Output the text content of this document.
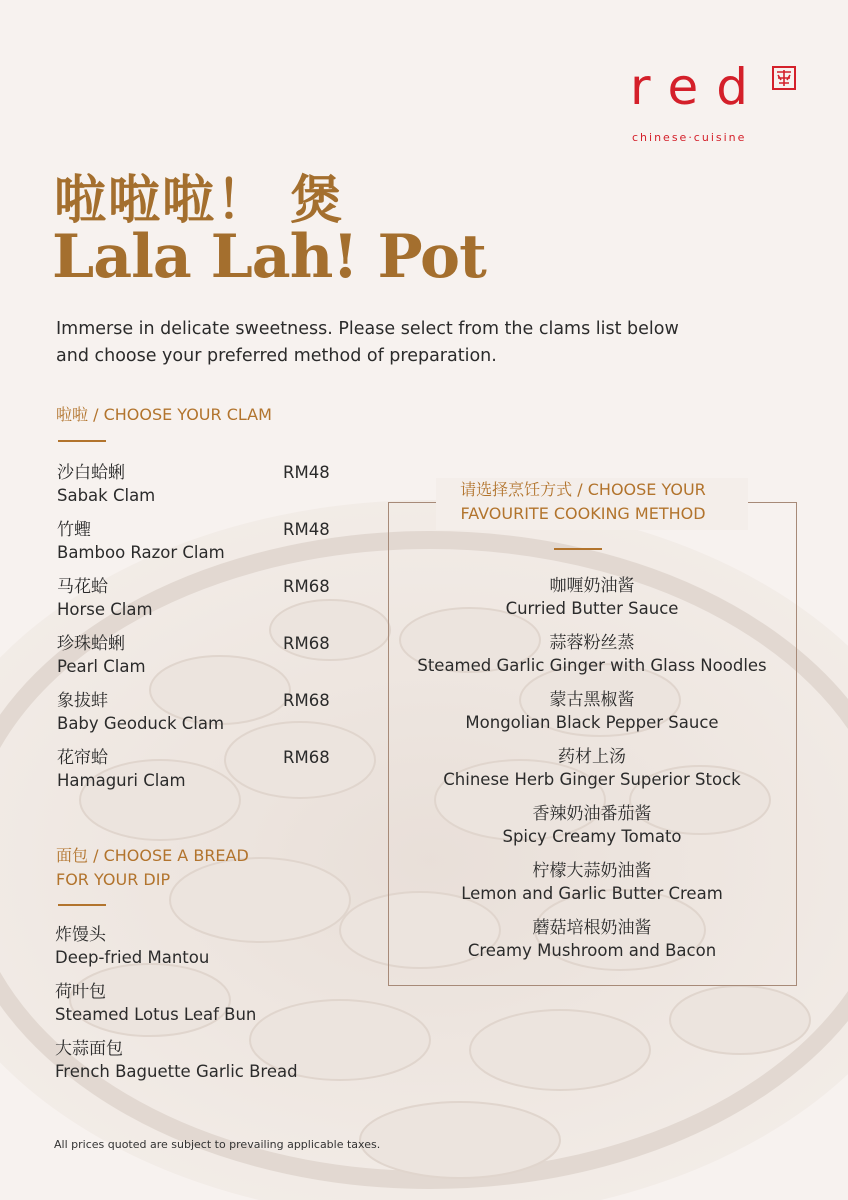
red
chinese·cuisine
啦啦啦！ 煲
Lala Lah! Pot
Immerse in delicate sweetness. Please select from the clams list below and choose your preferred method of preparation.
啦啦 / CHOOSE YOUR CLAM
沙白蛤蜊
Sabak Clam
RM48
竹蟶
Bamboo Razor Clam
RM48
马花蛤
Horse Clam
RM68
珍珠蛤蜊
Pearl Clam
RM68
象拔蚌
Baby Geoduck Clam
RM68
花帘蛤
Hamaguri Clam
RM68
面包 / CHOOSE A BREAD
FOR YOUR DIP
炸馒头
Deep-fried Mantou
荷叶包
Steamed Lotus Leaf Bun
大蒜面包
French Baguette Garlic Bread
请选择烹饪方式 / CHOOSE YOUR
FAVOURITE COOKING METHOD
咖喱奶油酱
Curried Butter Sauce
蒜蓉粉丝蒸
Steamed Garlic Ginger with Glass Noodles
蒙古黑椒酱
Mongolian Black Pepper Sauce
药材上汤
Chinese Herb Ginger Superior Stock
香辣奶油番茄酱
Spicy Creamy Tomato
柠檬大蒜奶油酱
Lemon and Garlic Butter Cream
蘑菇培根奶油酱
Creamy Mushroom and Bacon
All prices quoted are subject to prevailing applicable taxes.
